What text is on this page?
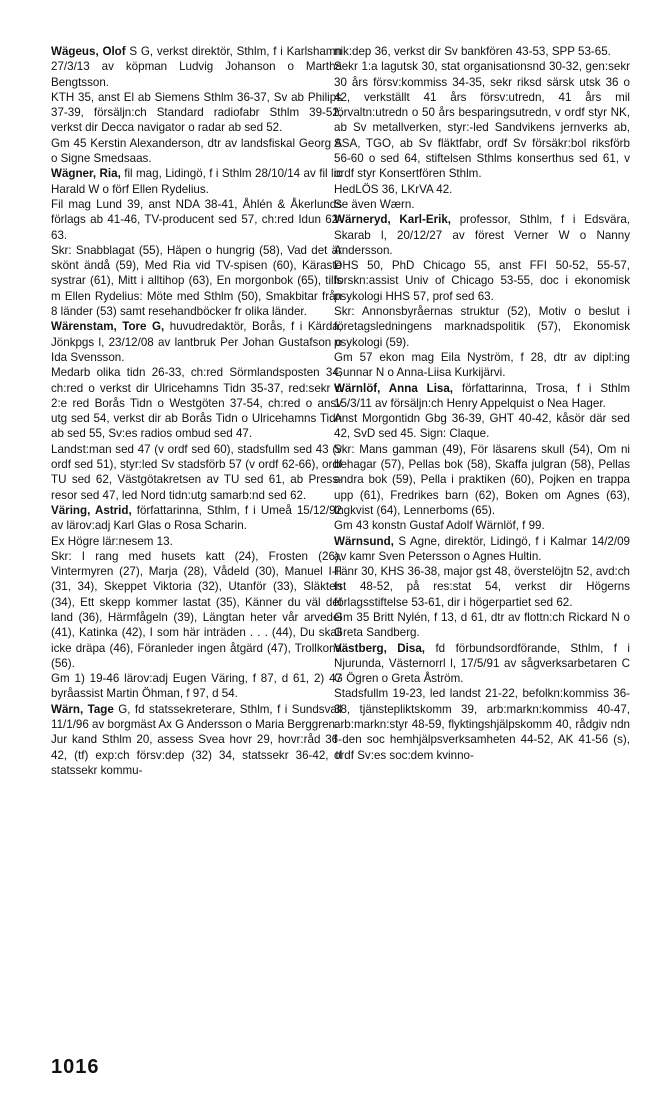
Wägeus, Olof S G, verkst direktör, Sthlm, f i Karlshamn 27/3/13 av köpman Ludvig Johanson o Martha Bengtsson.

KTH 35, anst El ab Siemens Sthlm 36-37, Sv ab Philips 37-39, försäljn:ch Standard radiofabr Sthlm 39-52, verkst dir Decca navigator o radar ab sed 52.

Gm 45 Kerstin Alexanderson, dtr av landsfiskal Georg A o Signe Smedsaas.

Wägner, Ria, fil mag, Lidingö, f i Sthlm 28/10/14 av fil lic Harald W o förf Ellen Rydelius.

Fil mag Lund 39, anst NDA 38-41, Åhlén & Åkerlunds förlags ab 41-46, TV-producent sed 57, ch:red Idun 62-63.

Skr: Snabblagat (55), Häpen o hungrig (58), Vad det är skönt ändå (59), Med Ria vid TV-spisen (60), Käraste systrar (61), Mitt i alltihop (63), En morgonbok (65), tills m Ellen Rydelius: Möte med Sthlm (50), Smakbitar från 8 länder (53) samt resehandböcker fr olika länder.

Wärenstam, Tore G, huvudredaktör, Borås, f i Kärda, Jönkpgs l, 23/12/08 av lantbruk Per Johan Gustafson o Ida Svensson.

Medarb olika tidn 26-33, ch:red Sörmlandsposten 34, ch:red o verkst dir Ulricehamns Tidn 35-37, red:sekr o 2:e red Borås Tidn o Westgöten 37-54, ch:red o ansv utg sed 54, verkst dir ab Borås Tidn o Ulricehamns Tidn ab sed 55, Sv:es radios ombud sed 47.

Landst:man sed 47 (v ordf sed 60), stadsfullm sed 43 (v ordf sed 51), styr:led Sv stadsförb 57 (v ordf 62-66), ordf TU sed 62, Västgötakretsen av TU sed 61, ab Press-resor sed 47, led Nord tidn:utg samarb:nd sed 62.

Väring, Astrid, författarinna, Sthlm, f i Umeå 15/12/92 av lärov:adj Karl Glas o Rosa Scharin.

Ex Högre lär:nesem 13.

Skr: I rang med husets katt (24), Frosten (26), Vintermyren (27), Marja (28), Vådeld (30), Manuel I-II (31, 34), Skeppet Viktoria (32), Utanför (33), Släkten (34), Ett skepp kommer lastat (35), Känner du väl det land (36), Härmfågeln (39), Längtan heter vår arvedel (41), Katinka (42), I som här inträden . . . (44), Du skall icke dräpa (46), Föranleder ingen åtgärd (47), Trollkona (56).

Gm 1) 19-46 lärov:adj Eugen Väring, f 87, d 61, 2) 47 byråassist Martin Öhman, f 97, d 54.

Wärn, Tage G, fd statssekreterare, Sthlm, f i Sundsvall 11/1/96 av borgmäst Ax G Andersson o Maria Berggren.

Jur kand Sthlm 20, assess Svea hovr 29, hovr:råd 36-42, (tf) exp:ch försv:dep (32) 34, statssekr 36-42, tf statssekr kommu-

nik:dep 36, verkst dir Sv bankfören 43-53, SPP 53-65.

Sekr 1:a lagutsk 30, stat organisationsnd 30-32, gen:sekr 30 års försv:kommiss 34-35, sekr riksd särsk utsk 36 o 42, verkställt 41 års försv:utredn, 41 års mil förvaltn:utredn o 50 års besparingsutredn, v ordf styr NK, ab Sv metallverken, styr:-led Sandvikens jernverks ab, SSA, TGO, ab Sv fläktfabr, ordf Sv försäkr:bol riksförb 56-60 o sed 64, stiftelsen Sthlms konserthus sed 61, v ordf styr Konsertfören Sthlm.

HedLÖS 36, LKrVA 42.

Se även Wærn.

Wärneryd, Karl-Erik, professor, Sthlm, f i Edsvära, Skarab l, 20/12/27 av förest Verner W o Nanny Andersson.

DHS 50, PhD Chicago 55, anst FFI 50-52, 55-57, forskn:assist Univ of Chicago 53-55, doc i ekonomisk psykologi HHS 57, prof sed 63.

Skr: Annonsbyråernas struktur (52), Motiv o beslut i företagsledningens marknadspolitik (57), Ekonomisk psykologi (59).

Gm 57 ekon mag Eila Nyström, f 28, dtr av dipl:ing Gunnar N o Anna-Liisa Kurkijärvi.

Wärnlöf, Anna Lisa, författarinna, Trosa, f i Sthlm 15/3/11 av försäljn:ch Henry Appelquist o Nea Hager.

Anst Morgontidn Gbg 36-39, GHT 40-42, kåsör där sed 42, SvD sed 45. Sign: Claque.

Skr: Mans gamman (49), För läsarens skull (54), Om ni behagar (57), Pellas bok (58), Skaffa julgran (58), Pellas andra bok (59), Pella i praktiken (60), Pojken en trappa upp (61), Fredrikes barn (62), Boken om Agnes (63), Ingkvist (64), Lennerboms (65).

Gm 43 konstn Gustaf Adolf Wärnlöf, f 99.

Wärnsund, S Agne, direktör, Lidingö, f i Kalmar 14/2/09 av kamr Sven Petersson o Agnes Hultin.

Fänr 30, KHS 36-38, major gst 48, överstelöjtn 52, avd:ch fst 48-52, på res:stat 54, verkst dir Högerns förlagsstiftelse 53-61, dir i högerpartiet sed 62.

Gm 35 Britt Nylén, f 13, d 61, dtr av flottn:ch Rickard N o Greta Sandberg.

Västberg, Disa, fd förbundsordförande, Sthlm, f i Njurunda, Västernorrl l, 17/5/91 av sågverksarbetaren C G Ögren o Greta Åström.

Stadsfullm 19-23, led landst 21-22, befolkn:kommiss 36-38, tjänstepliktskomm 39, arb:markn:kommiss 40-47, arb:markn:styr 48-59, flyktingshjälpskomm 40, rådgiv ndn f den soc hemhjälpsverksamheten 44-52, AK 41-56 (s), ordf Sv:es soc:dem kvinno-

1016
